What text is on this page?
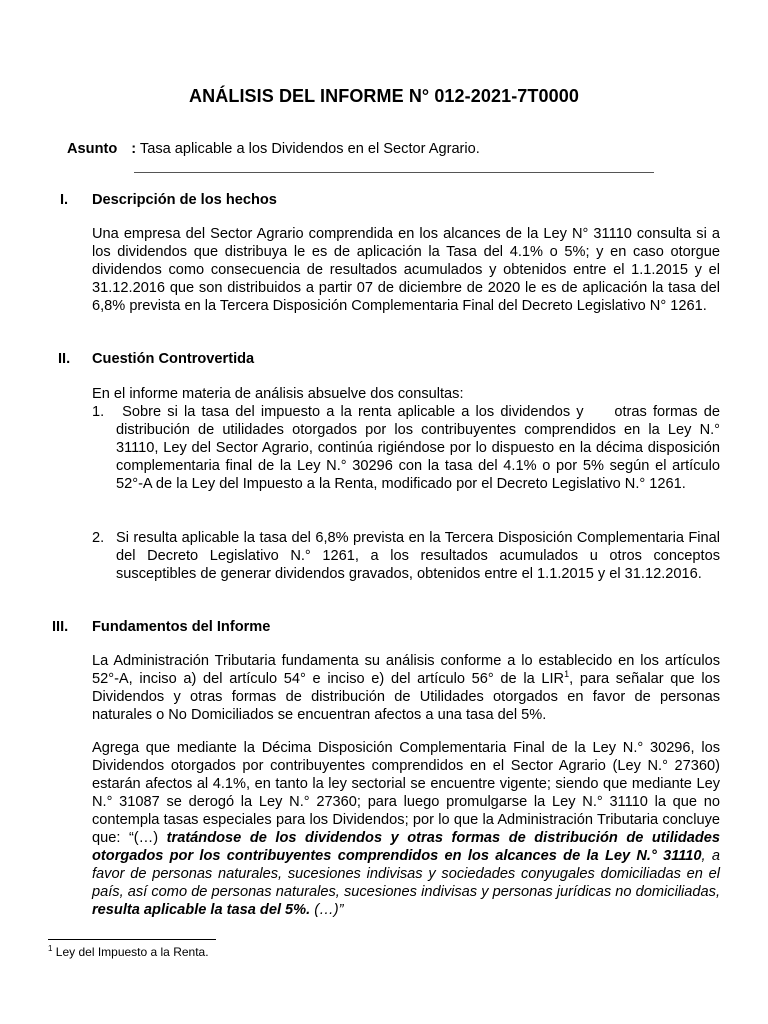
ANÁLISIS DEL INFORME N° 012-2021-7T0000
Asunto : Tasa aplicable a los Dividendos en el Sector Agrario.
I. Descripción de los hechos

Una empresa del Sector Agrario comprendida en los alcances de la Ley N° 31110 consulta si a los dividendos que distribuya le es de aplicación la Tasa del 4.1% o 5%; y en caso otorgue dividendos como consecuencia de resultados acumulados y obtenidos entre el 1.1.2015 y el 31.12.2016 que son distribuidos a partir 07 de diciembre de 2020 le es de aplicación la tasa del 6,8% prevista en la Tercera Disposición Complementaria Final del Decreto Legislativo N° 1261.

II. Cuestión Controvertida

En el informe materia de análisis absuelve dos consultas:

1. Sobre si la tasa del impuesto a la renta aplicable a los dividendos y     otras formas de distribución de utilidades otorgados por los contribuyentes comprendidos en la Ley N.° 31110, Ley del Sector Agrario, continúa rigiéndose por lo dispuesto en la décima disposición complementaria final de la Ley N.° 30296 con la tasa del 4.1% o por 5% según el artículo 52°-A de la Ley del Impuesto a la Renta, modificado por el Decreto Legislativo N.° 1261.

2. Si resulta aplicable la tasa del 6,8% prevista en la Tercera Disposición Complementaria Final del Decreto Legislativo N.° 1261, a los resultados acumulados u otros conceptos susceptibles de generar dividendos gravados, obtenidos entre el 1.1.2015 y el 31.12.2016.

III. Fundamentos del Informe

La Administración Tributaria fundamenta su análisis conforme a lo establecido en los artículos 52°-A, inciso a) del artículo 54° e inciso e) del artículo 56° de la LIR$^1$, para señalar que los Dividendos y otras formas de distribución de Utilidades otorgados en favor de personas naturales o No Domiciliados se encuentran afectos a una tasa del 5%.

Agrega que mediante la Décima Disposición Complementaria Final de la Ley N.° 30296, los Dividendos otorgados por contribuyentes comprendidos en el Sector Agrario (Ley N.° 27360) estarán afectos al 4.1%, en tanto la ley sectorial se encuentre vigente; siendo que mediante Ley N.° 31087 se derogó la Ley N.° 27360; para luego promulgarse la Ley N.° 31110 la que no contempla tasas especiales para los Dividendos; por lo que la Administración Tributaria concluye que: “(…) tratándose de los dividendos y otras formas de distribución de utilidades otorgados por los contribuyentes comprendidos en los alcances de la Ley N.° 31110, a favor de personas naturales, sucesiones indivisas y sociedades conyugales domiciliadas en el país, así como de personas naturales, sucesiones indivisas y personas jurídicas no domiciliadas, resulta aplicable la tasa del 5%. (…)”

$^1$ Ley del Impuesto a la Renta.
